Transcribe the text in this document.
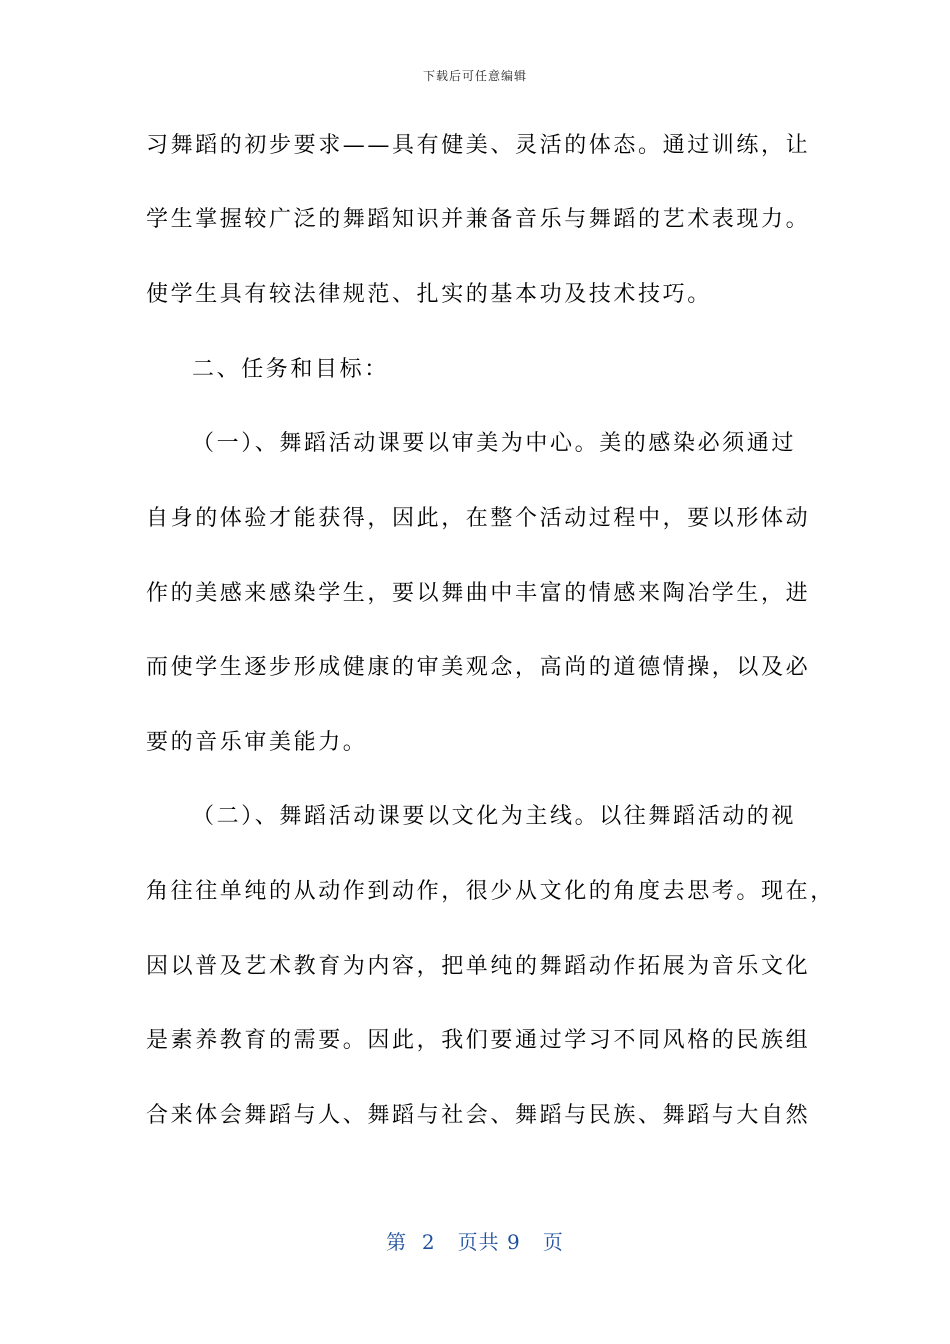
下载后可任意编辑
习舞蹈的初步要求——具有健美、灵活的体态。通过训练，让
学生掌握较广泛的舞蹈知识并兼备音乐与舞蹈的艺术表现力。
使学生具有较法律规范、扎实的基本功及技术技巧。
二、任务和目标：
（一）、舞蹈活动课要以审美为中心。美的感染必须通过
自身的体验才能获得，因此，在整个活动过程中，要以形体动
作的美感来感染学生，要以舞曲中丰富的情感来陶冶学生，进
而使学生逐步形成健康的审美观念，高尚的道德情操，以及必
要的音乐审美能力。
（二）、舞蹈活动课要以文化为主线。以往舞蹈活动的视
角往往单纯的从动作到动作，很少从文化的角度去思考。现在，
因以普及艺术教育为内容，把单纯的舞蹈动作拓展为音乐文化
是素养教育的需要。因此，我们要通过学习不同风格的民族组
合来体会舞蹈与人、舞蹈与社会、舞蹈与民族、舞蹈与大自然
第  2   页共 9   页
